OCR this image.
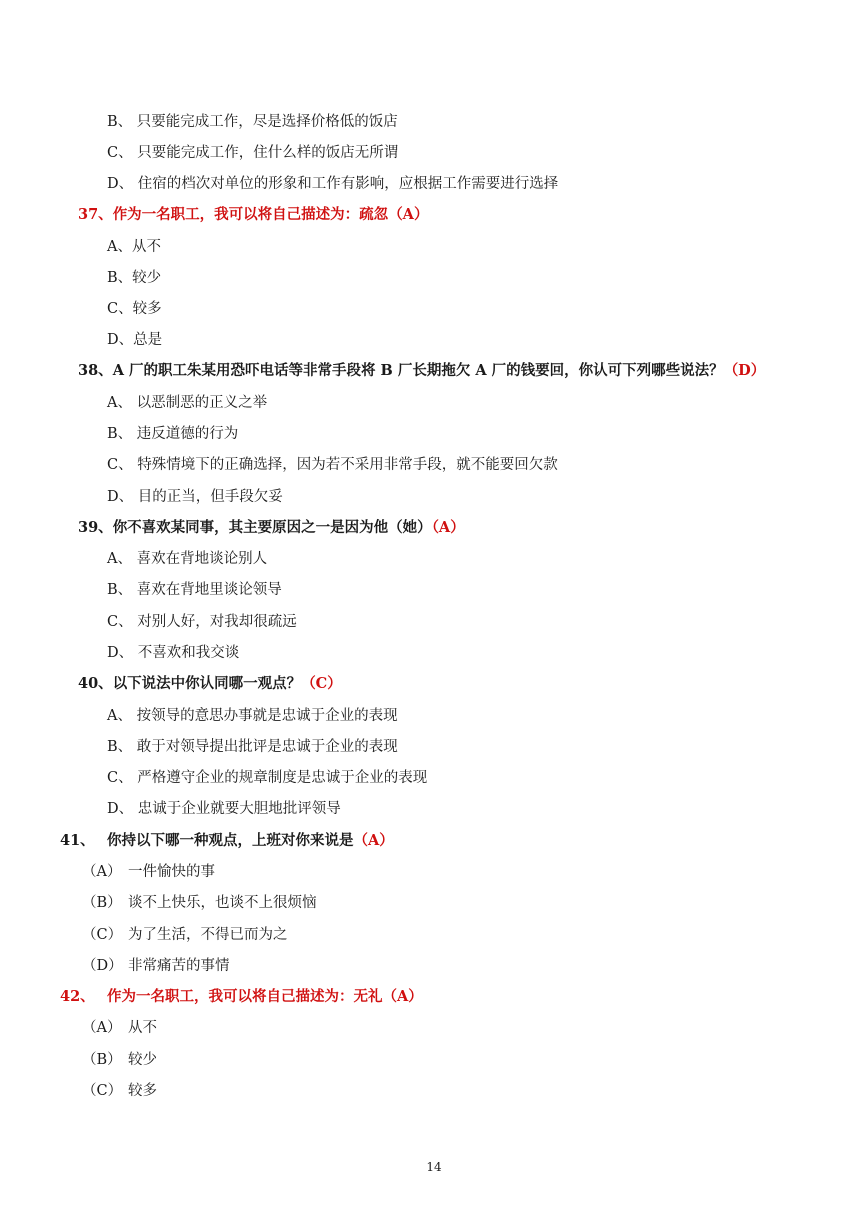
B、 只要能完成工作，尽是选择价格低的饭店
C、 只要能完成工作，住什么样的饭店无所谓
D、 住宿的档次对单位的形象和工作有影响，应根据工作需要进行选择
37、作为一名职工，我可以将自己描述为：疏忽（A）
A、从不
B、较少
C、较多
D、总是
38、A 厂的职工朱某用恐吓电话等非常手段将 B 厂长期拖欠 A 厂的钱要回，你认可下列哪些说法？（D）
A、 以恶制恶的正义之举
B、 违反道德的行为
C、 特殊情境下的正确选择，因为若不采用非常手段，就不能要回欠款
D、 目的正当，但手段欠妥
39、你不喜欢某同事，其主要原因之一是因为他（她）（A）
A、 喜欢在背地谈论别人
B、 喜欢在背地里谈论领导
C、 对别人好，对我却很疏远
D、 不喜欢和我交谈
40、以下说法中你认同哪一观点？（C）
A、 按领导的意思办事就是忠诚于企业的表现
B、 敢于对领导提出批评是忠诚于企业的表现
C、 严格遵守企业的规章制度是忠诚于企业的表现
D、 忠诚于企业就要大胆地批评领导
41、 你持以下哪一种观点，上班对你来说是（A）
（A） 一件愉快的事
（B） 谈不上快乐，也谈不上很烦恼
（C） 为了生活，不得已而为之
（D） 非常痛苦的事情
42、 作为一名职工，我可以将自己描述为：无礼（A）
（A） 从不
（B） 较少
（C） 较多
14
